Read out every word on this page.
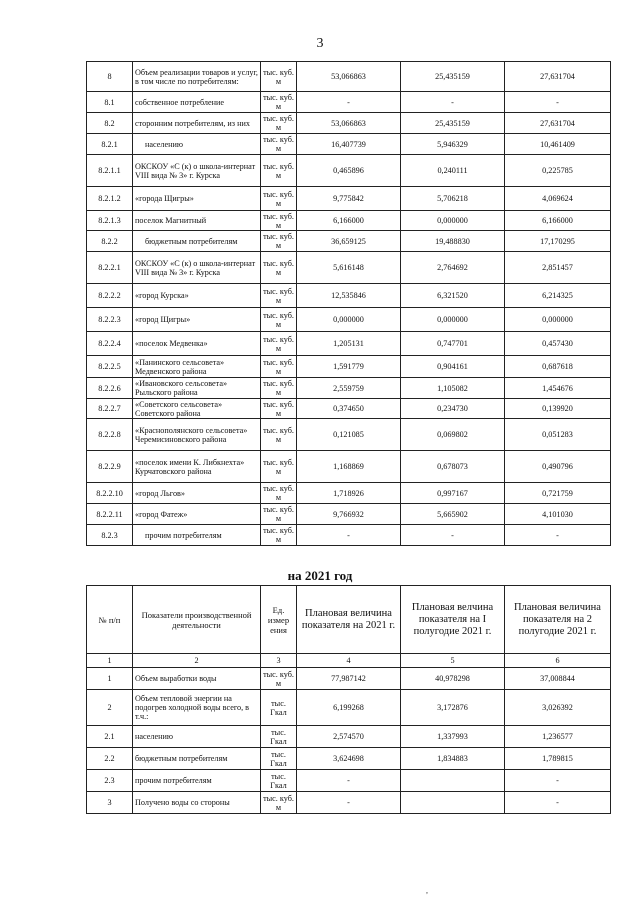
3
8	Объем реализации товаров и услуг, в том числе по потребителям:	тыс. куб. м	53,066863	25,435159	27,631704
8.1	собственное потребление	тыс. куб. м	-	-	-
8.2	сторонним потребителям, из них	тыс. куб. м	53,066863	25,435159	27,631704
8.2.1	населению	тыс. куб. м	16,407739	5,946329	10,461409
8.2.1.1	ОКСКОУ «С (к) о школа-интернат VIII вида № 3» г. Курска	тыс. куб. м	0,465896	0,240111	0,225785
8.2.1.2	«города Щигры»	тыс. куб. м	9,775842	5,706218	4,069624
8.2.1.3	поселок Магнитный	тыс. куб. м	6,166000	0,000000	6,166000
8.2.2	бюджетным потребителям	тыс. куб. м	36,659125	19,488830	17,170295
8.2.2.1	ОКСКОУ «С (к) о школа-интернат VIII вида № 3» г. Курска	тыс. куб. м	5,616148	2,764692	2,851457
8.2.2.2	«город Курска»	тыс. куб. м	12,535846	6,321520	6,214325
8.2.2.3	«город Щигры»	тыс. куб. м	0,000000	0,000000	0,000000
8.2.2.4	«поселок Медвенка»	тыс. куб. м	1,205131	0,747701	0,457430
8.2.2.5	«Панинского сельсовета» Медвенского района	тыс. куб. м	1,591779	0,904161	0,687618
8.2.2.6	«Ивановского сельсовета» Рыльского района	тыс. куб. м	2,559759	1,105082	1,454676
8.2.2.7	«Советского сельсовета» Советского района	тыс. куб. м	0,374650	0,234730	0,139920
8.2.2.8	«Краснополянского сельсовета» Черемисиновского района	тыс. куб. м	0,121085	0,069802	0,051283
8.2.2.9	«поселок имени К. Либкнехта» Курчатовского района	тыс. куб. м	1,168869	0,678073	0,490796
8.2.2.10	«город Льгов»	тыс. куб. м	1,718926	0,997167	0,721759
8.2.2.11	«город Фатеж»	тыс. куб. м	9,766932	5,665902	4,101030
8.2.3	прочим потребителям	тыс. куб. м	-	-	-
на 2021 год
№ п/п	Показатели производственной деятельности	Ед. измер ения	Плановая величина показателя на 2021 г.	Плановая велчина показателя на I полугодие 2021 г.	Плановая величина показателя на 2 полугодие 2021 г.
1	2	3	4	5	6
1	Объем выработки воды	тыс. куб. м	77,987142	40,978298	37,008844
2	Объем тепловой энергии на подогрев холодной воды всего, в т.ч.:	тыс. Гкал	6,199268	3,172876	3,026392
2.1	населению	тыс. Гкал	2,574570	1,337993	1,236577
2.2	бюджетным потребителям	тыс. Гкал	3,624698	1,834883	1,789815
2.3	прочим потребителям	тыс. Гкал	-		-
3	Получено воды со стороны	тыс. куб. м	-		-
,
